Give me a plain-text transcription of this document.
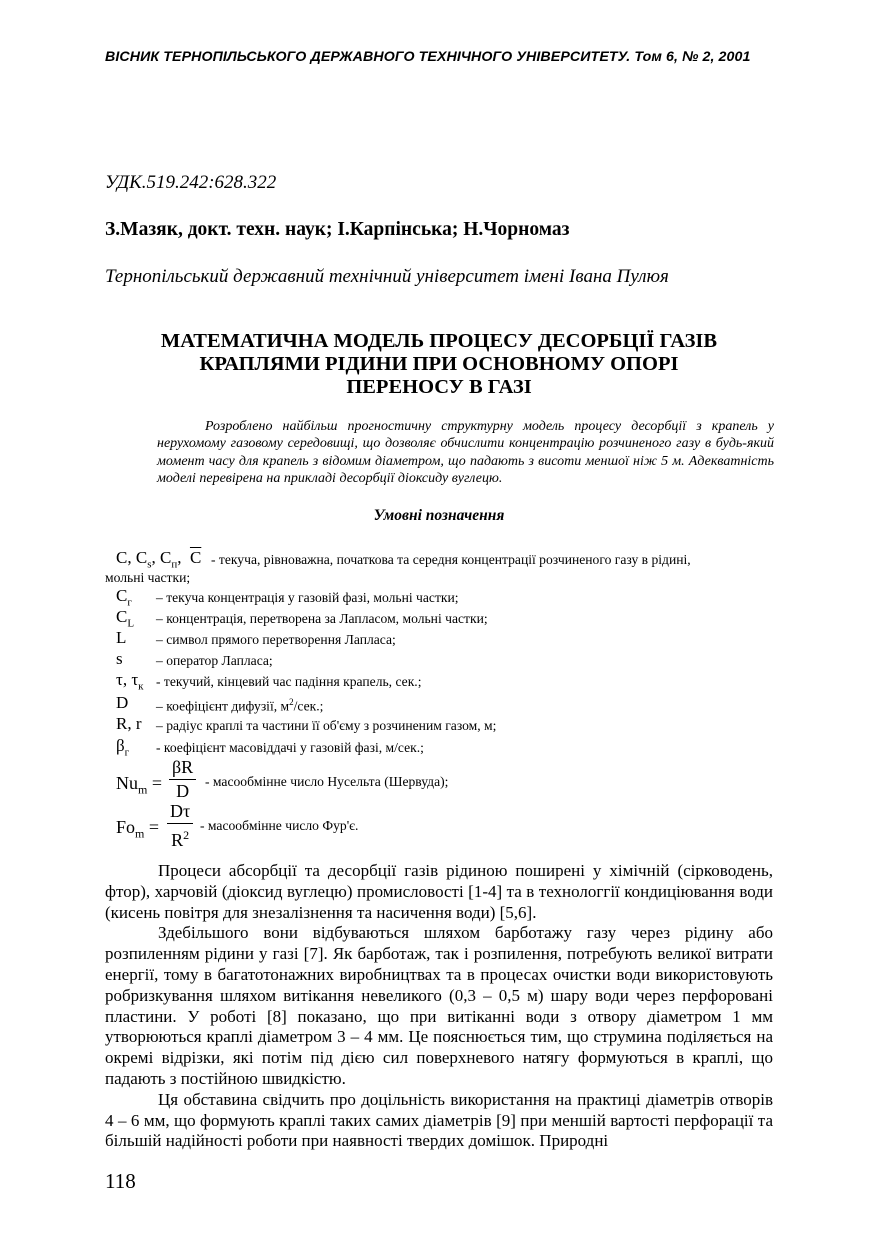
ВІСНИК ТЕРНОПІЛЬСЬКОГО ДЕРЖАВНОГО ТЕХНІЧНОГО УНІВЕРСИТЕТУ. Том 6, № 2, 2001
УДК.519.242:628.322
З.Мазяк, докт. техн. наук; І.Карпінська; Н.Чорномаз
Тернопільський державний технічний університет імені Івана Пулюя
МАТЕМАТИЧНА МОДЕЛЬ ПРОЦЕСУ ДЕСОРБЦІЇ ГАЗІВ
КРАПЛЯМИ РІДИНИ ПРИ ОСНОВНОМУ ОПОРІ
ПЕРЕНОСУ В ГАЗІ
Розроблено найбільш прогностичну структурну модель процесу десорбції з крапель у нерухомому газовому середовищі, що дозволяє обчислити концентрацію розчиненого газу в будь-який момент часу для крапель з відомим діаметром, що падають з висоти меншої ніж 5 м. Адекватність моделі перевірена на прикладі десорбції діоксиду вуглецю.
Умовні позначення
C, $C_s$, $C_п$, $\overline{C}$ - текуча, рівноважна, початкова та середня концентрації розчиненого газу в рідині,
мольні частки;
$C_г$ – текуча концентрація у газовій фазі, мольні частки;
$C_L$ – концентрація, перетворена за Лапласом, мольні частки;
L – символ прямого перетворення Лапласа;
s – оператор Лапласа;
τ, $\tau_к$ - текучий, кінцевий час падіння крапель, сек.;
D – коефіцієнт дифузії, $м^2$/сек.;
R, r – радіус краплі та частини її об'єму з розчиненим газом, м;
$\beta_г$ - коефіцієнт масовіддачі у газовій фазі, м/сек.;
$Nu_m = \frac{\beta R}{D}$ - масообмінне число Нусельта (Шервуда);
$Fo_m = \frac{D\tau}{R^2}$ - масообмінне число Фур'є.

Процеси абсорбції та десорбції газів рідиною поширені у хімічній (сірководень, фтор), харчовій (діоксид вуглецю) промисловості [1-4] та в технологгії кондиціювання води (кисень повітря для знезалізнення та насичення води) [5,6].

Здебільшого вони відбуваються шляхом барботажу газу через рідину або розпиленням рідини у газі [7]. Як барботаж, так і розпилення, потребують великої витрати енергії, тому в багатотонажних виробництвах та в процесах очистки води використовують робризкування шляхом витікання невеликого (0,3 – 0,5 м) шару води через перфоровані пластини. У роботі [8] показано, що при витіканні води з отвору діаметром 1 мм утворюються краплі діаметром 3 – 4 мм. Це пояснюється тим, що струмина поділяється на окремі відрізки, які потім під дією сил поверхневого натягу формуються в краплі, що падають з постійною швидкістю.

Ця обставина свідчить про доцільність використання на практиці діаметрів отворів 4 – 6 мм, що формують краплі таких самих діаметрів [9] при меншій вартості перфорації та більшій надійності роботи при наявності твердих домішок. Природні

118
